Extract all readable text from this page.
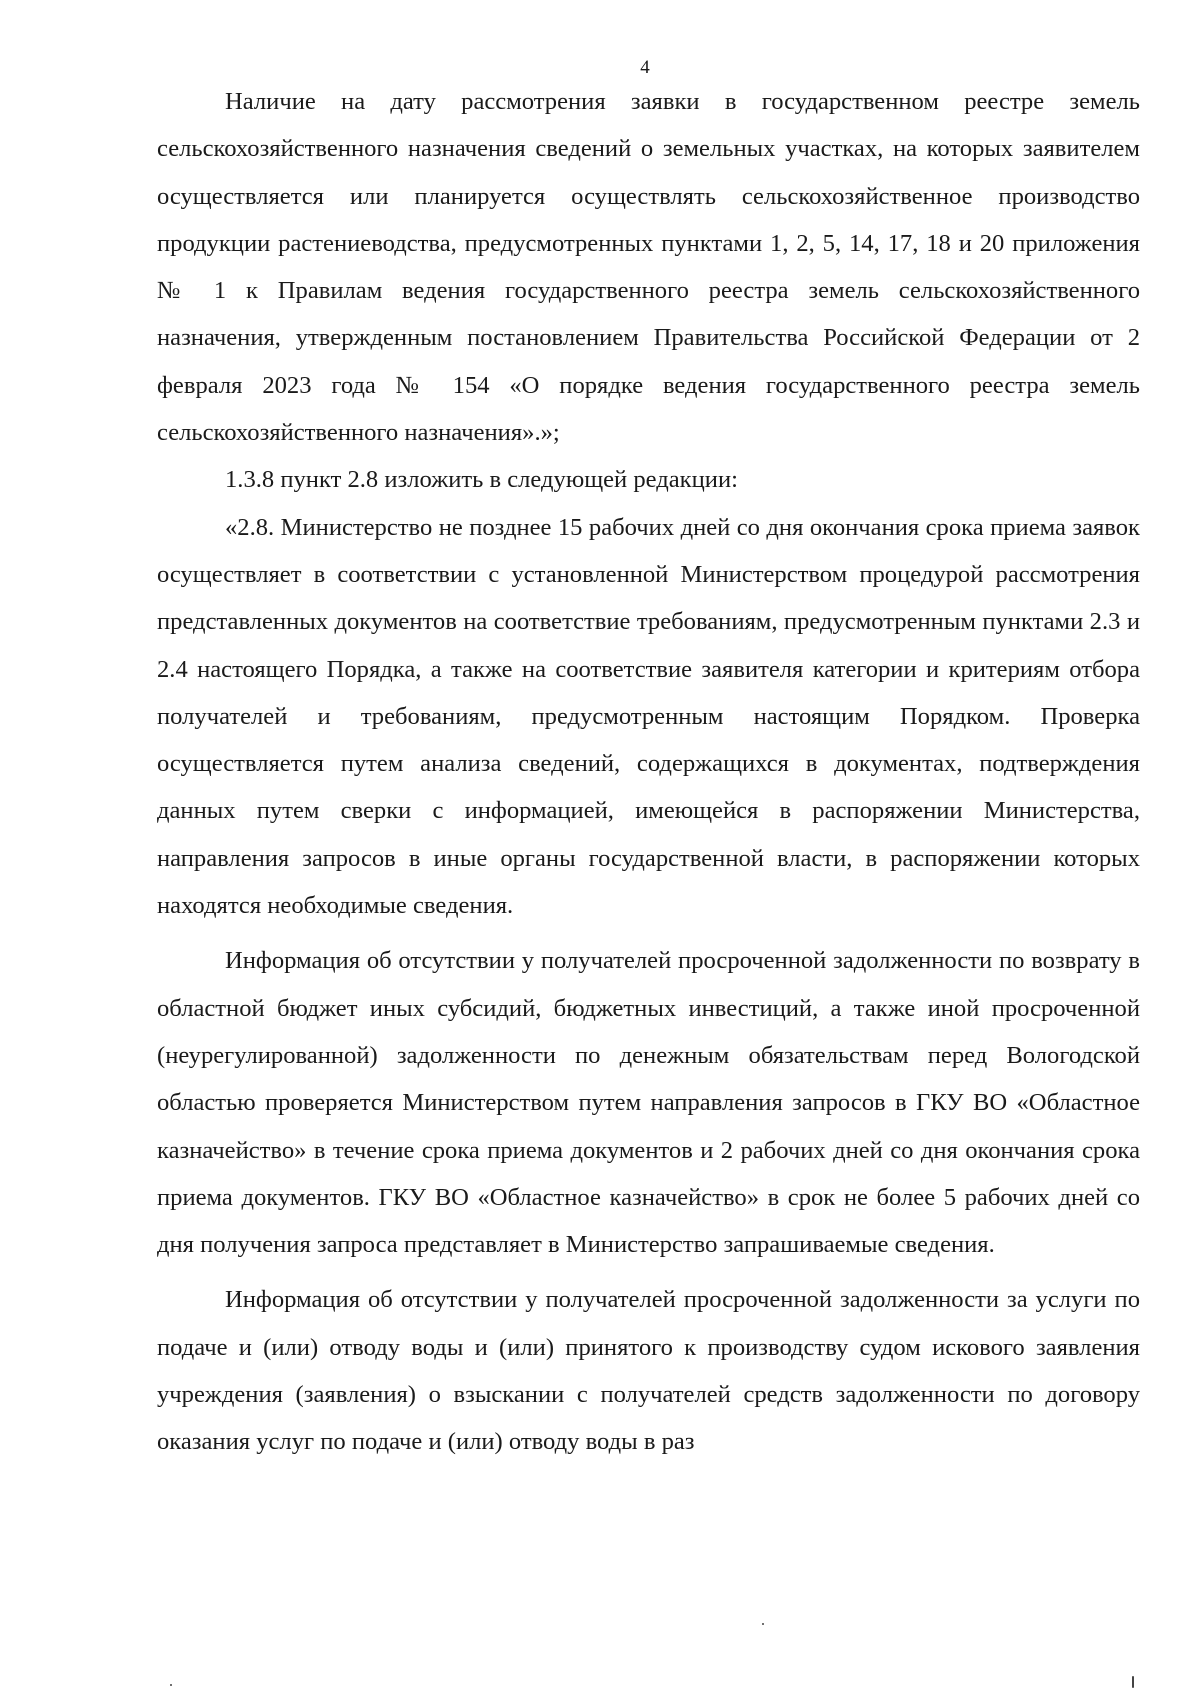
4

Наличие на дату рассмотрения заявки в государственном реестре земель сельскохозяйственного назначения сведений о земельных участках, на которых заявителем осуществляется или планируется осуществлять сельскохозяйственное производство продукции растениеводства, предусмотренных пунктами 1, 2, 5, 14, 17, 18 и 20 приложения № 1 к Правилам ведения государственного реестра земель сельскохозяйственного назначения, утвержденным постановлением Правительства Российской Федерации от 2 февраля 2023 года № 154 «О порядке ведения государственного реестра земель сельскохозяйственного назначения».»;

1.3.8 пункт 2.8 изложить в следующей редакции:

«2.8. Министерство не позднее 15 рабочих дней со дня окончания срока приема заявок осуществляет в соответствии с установленной Министерством процедурой рассмотрения представленных документов на соответствие требованиям, предусмотренным пунктами 2.3 и 2.4 настоящего Порядка, а также на соответствие заявителя категории и критериям отбора получателей и требованиям, предусмотренным настоящим Порядком. Проверка осуществляется путем анализа сведений, содержащихся в документах, подтверждения данных путем сверки с информацией, имеющейся в распоряжении Министерства, направления запросов в иные органы государственной власти, в распоряжении которых находятся необходимые сведения.

Информация об отсутствии у получателей просроченной задолженности по возврату в областной бюджет иных субсидий, бюджетных инвестиций, а также иной просроченной (неурегулированной) задолженности по денежным обязательствам перед Вологодской областью проверяется Министерством путем направления запросов в ГКУ ВО «Областное казначейство» в течение срока приема документов и 2 рабочих дней со дня окончания срока приема документов. ГКУ ВО «Областное казначейство» в срок не более 5 рабочих дней со дня получения запроса представляет в Министерство запрашиваемые сведения.

Информация об отсутствии у получателей просроченной задолженности за услуги по подаче и (или) отводу воды и (или) принятого к производству судом искового заявления учреждения (заявления) о взыскании с получателей средств задолженности по договору оказания услуг по подаче и (или) отводу воды в раз
